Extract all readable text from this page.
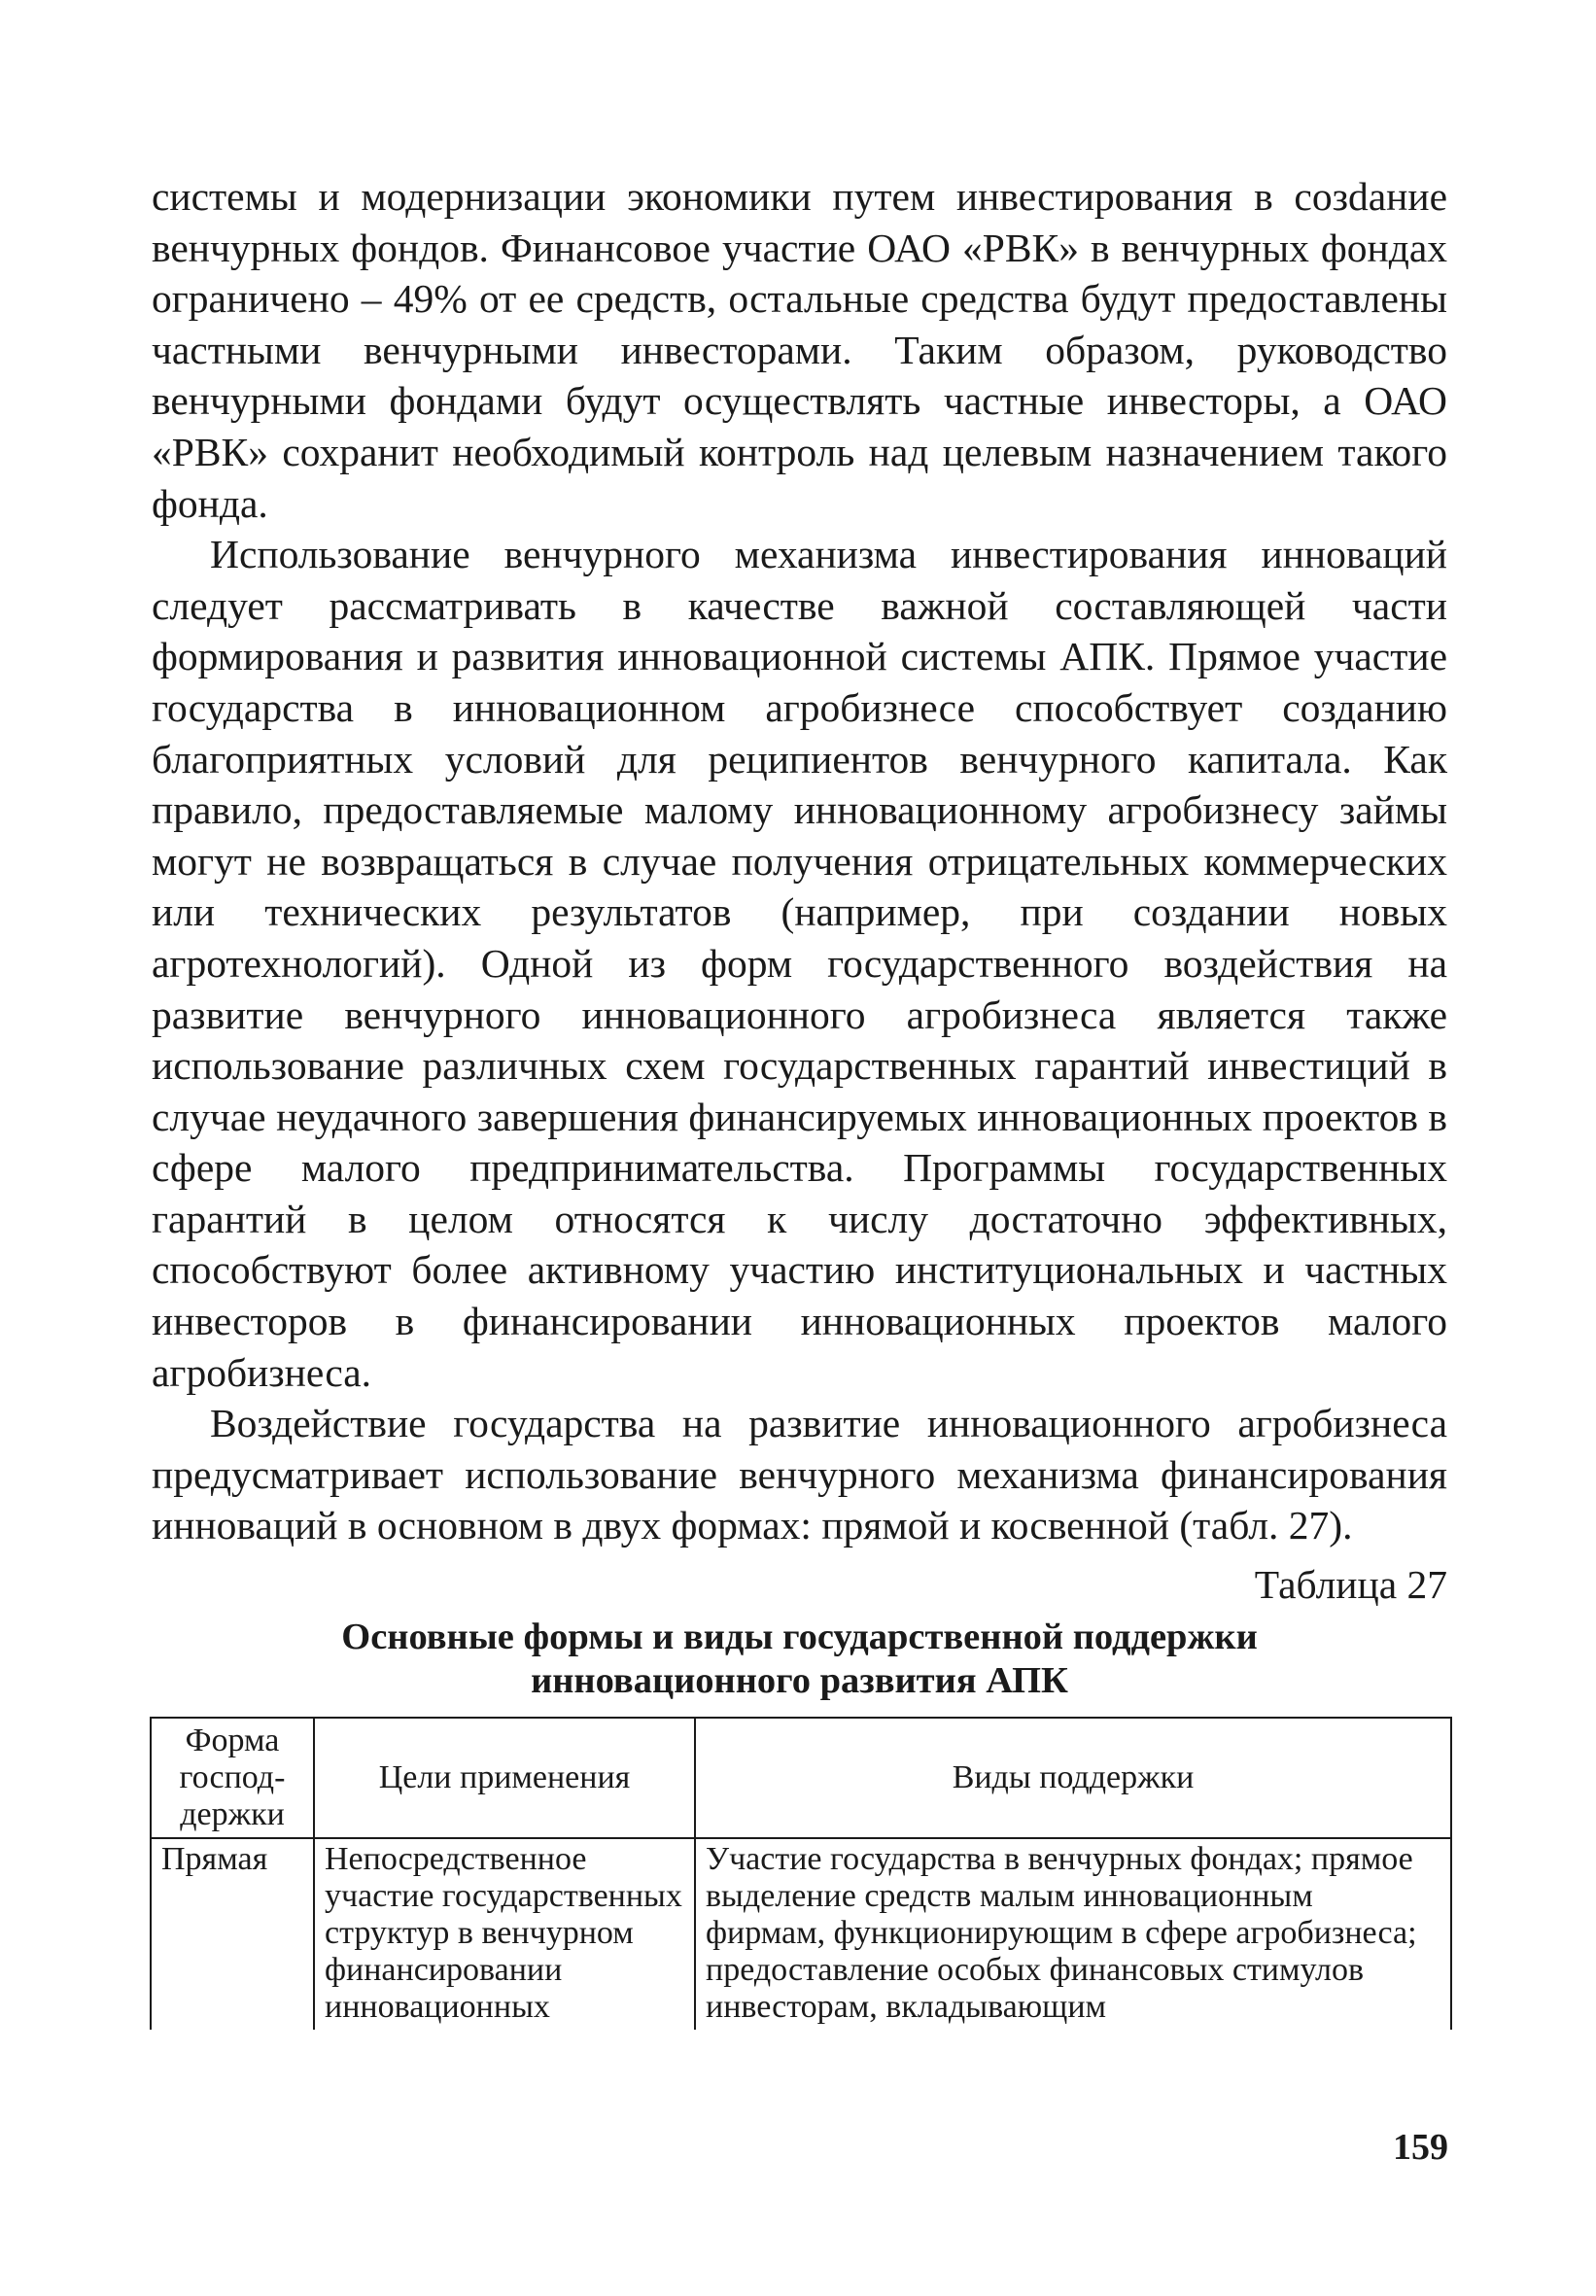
системы и модернизации экономики путем инвестирования в созdание венчурных фондов. Финансовое участие ОАО «РВК» в венчурных фондах ограничено – 49% от ее средств, остальные средства будут предоставлены частными венчурными инвесторами. Таким образом, руководство венчурными фондами будут осуществлять частные инвесторы, а ОАО «РВК» сохранит необходимый контроль над целевым назначением такого фонда.

Использование венчурного механизма инвестирования инноваций следует рассматривать в качестве важной составляющей части формирования и развития инновационной системы АПК. Прямое участие государства в инновационном агробизнесе способствует созданию благоприятных условий для реципиентов венчурного капитала. Как правило, предоставляемые малому инновационному агробизнесу займы могут не возвращаться в случае получения отрицательных коммерческих или технических результатов (например, при создании новых агротехнологий). Одной из форм государственного воздействия на развитие венчурного инновационного агробизнеса является также использование различных схем государственных гарантий инвестиций в случае неудачного завершения финансируемых инновационных проектов в сфере малого предпринимательства. Программы государственных гарантий в целом относятся к числу достаточно эффективных, способствуют более активному участию институциональных и частных инвесторов в финансировании инновационных проектов малого агробизнеса.

Воздействие государства на развитие инновационного агробизнеса предусматривает использование венчурного механизма финансирования инноваций в основном в двух формах: прямой и косвенной (табл. 27).

Таблица 27
Основные формы и виды государственной поддержки
инновационного развития АПК
Форма господдержки	Цели применения	Виды поддержки
Прямая	Непосредственное участие государственных структур в венчурном финансировании инновационных	Участие государства в венчурных фондах; прямое выделение средств малым инновационным фирмам, функционирующим в сфере агробизнеса; предоставление особых финансовых стимулов инвесторам, вкладывающим
159
